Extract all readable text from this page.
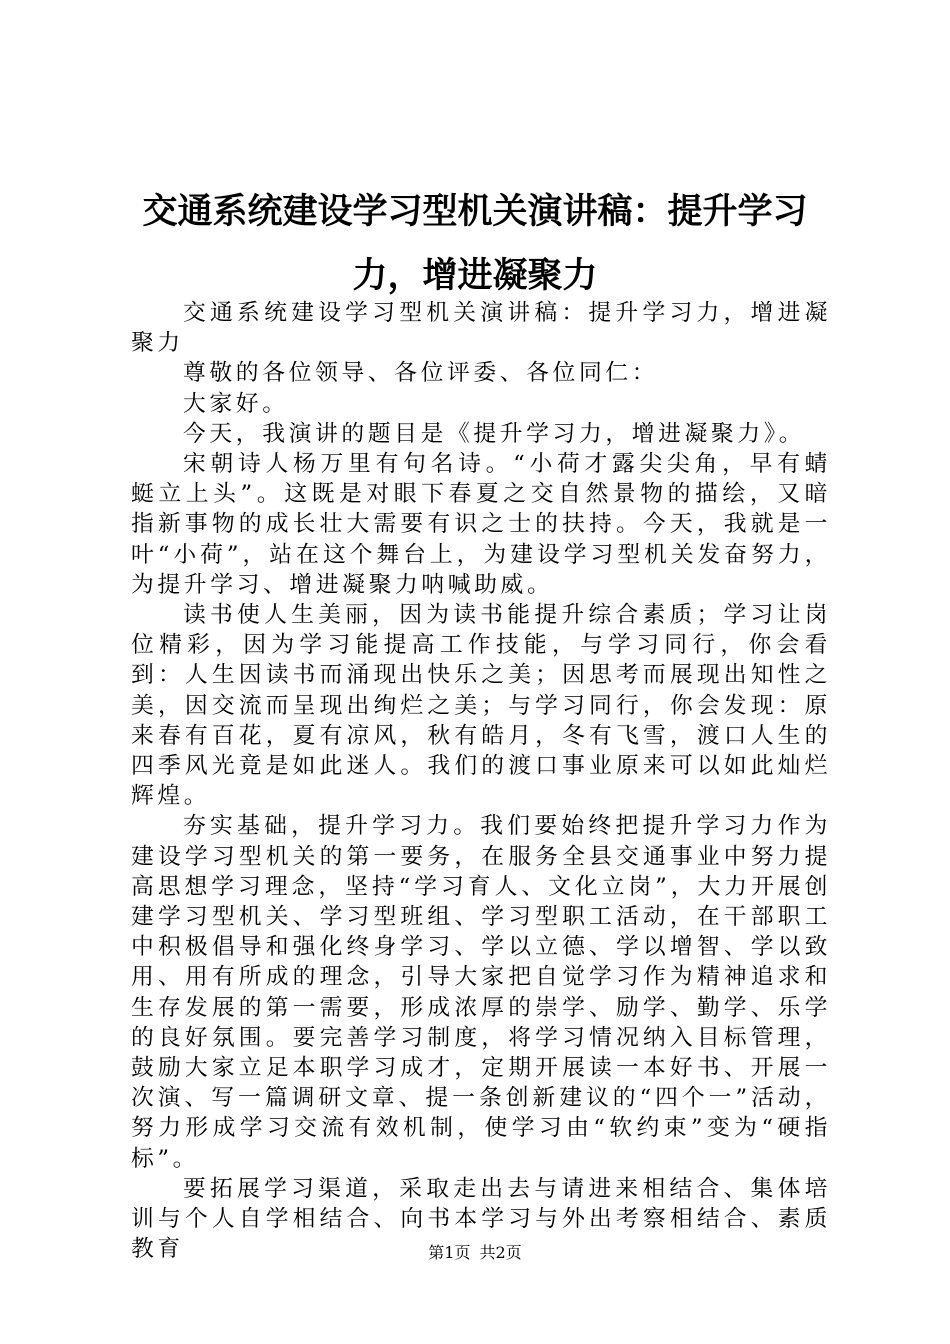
交通系统建设学习型机关演讲稿：提升学习力，增进凝聚力

交通系统建设学习型机关演讲稿：提升学习力，增进凝聚力

尊敬的各位领导、各位评委、各位同仁：

大家好。

今天，我演讲的题目是《提升学习力，增进凝聚力》。

宋朝诗人杨万里有句名诗。“小荷才露尖尖角，早有蜻蜓立上头”。这既是对眼下春夏之交自然景物的描绘，又暗指新事物的成长壮大需要有识之士的扶持。今天，我就是一叶“小荷”，站在这个舞台上，为建设学习型机关发奋努力，为提升学习、增进凝聚力呐喊助威。

读书使人生美丽，因为读书能提升综合素质；学习让岗位精彩，因为学习能提高工作技能，与学习同行，你会看到：人生因读书而涌现出快乐之美；因思考而展现出知性之美，因交流而呈现出绚烂之美；与学习同行，你会发现：原来春有百花，夏有凉风，秋有皓月，冬有飞雪，渡口人生的四季风光竟是如此迷人。我们的渡口事业原来可以如此灿烂辉煌。

夯实基础，提升学习力。我们要始终把提升学习力作为建设学习型机关的第一要务，在服务全县交通事业中努力提高思想学习理念，坚持“学习育人、文化立岗”，大力开展创建学习型机关、学习型班组、学习型职工活动，在干部职工中积极倡导和强化终身学习、学以立德、学以增智、学以致用、用有所成的理念，引导大家把自觉学习作为精神追求和生存发展的第一需要，形成浓厚的崇学、励学、勤学、乐学的良好氛围。要完善学习制度，将学习情况纳入目标管理，鼓励大家立足本职学习成才，定期开展读一本好书、开展一次演、写一篇调研文章、提一条创新建议的“四个一”活动，努力形成学习交流有效机制，使学习由“软约束”变为“硬指标”。

要拓展学习渠道，采取走出去与请进来相结合、集体培训与个人自学相结合、向书本学习与外出考察相结合、素质教育	第1页 共2页
